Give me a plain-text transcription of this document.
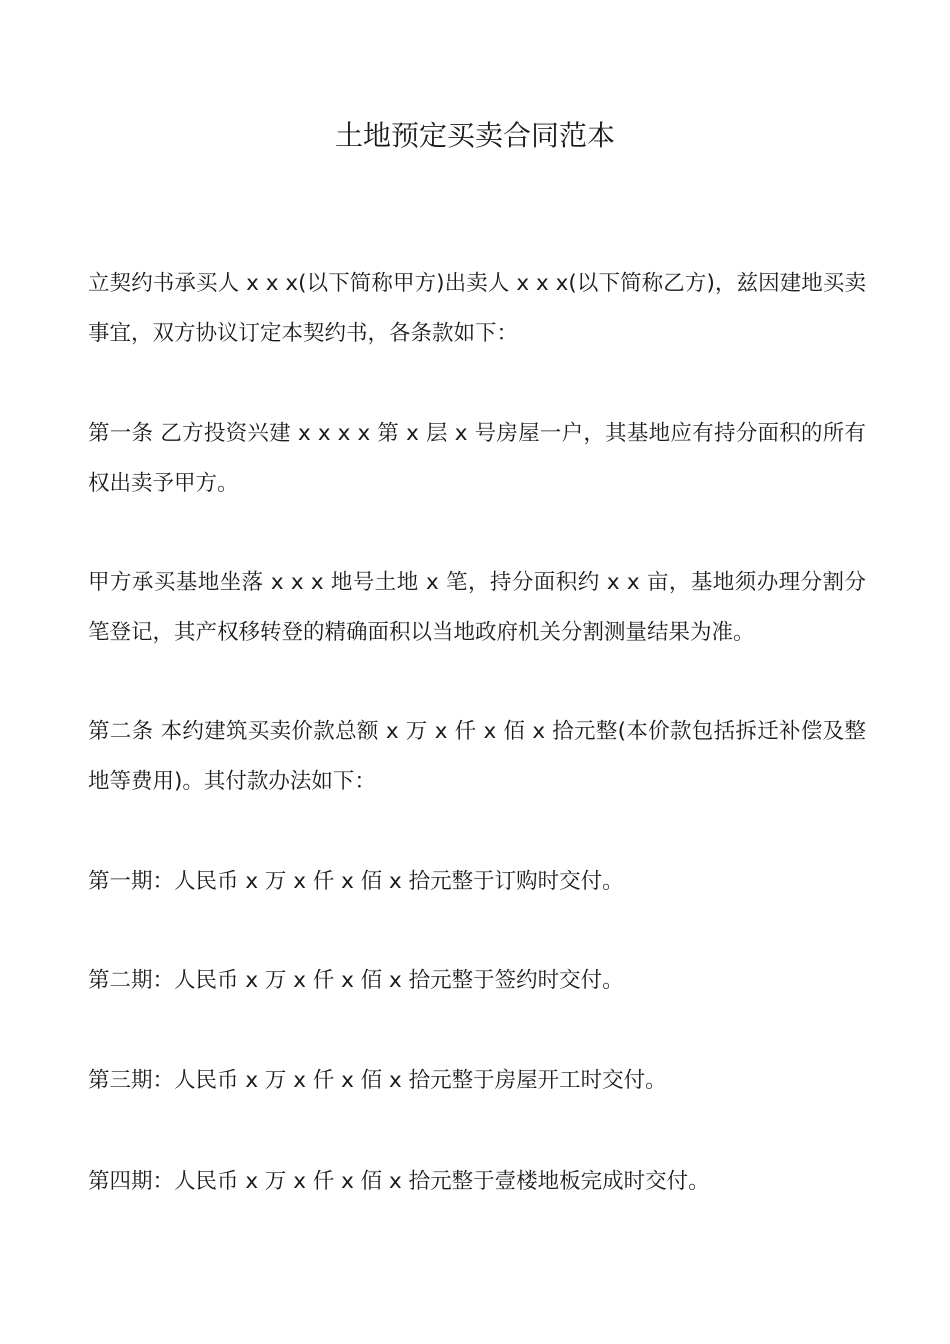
土地预定买卖合同范本

立契约书承买人 x x x(以下简称甲方)出卖人 x x x(以下简称乙方)，兹因建地买卖事宜，双方协议订定本契约书，各条款如下：

第一条 乙方投资兴建 x x x x 第 x 层 x 号房屋一户，其基地应有持分面积的所有权出卖予甲方。

甲方承买基地坐落 x x x 地号土地 x 笔，持分面积约 x x 亩，基地须办理分割分笔登记，其产权移转登的精确面积以当地政府机关分割测量结果为准。

第二条 本约建筑买卖价款总额 x 万 x 仟 x 佰 x 拾元整(本价款包括拆迁补偿及整地等费用)。其付款办法如下：

第一期：人民币 x 万 x 仟 x 佰 x 拾元整于订购时交付。

第二期：人民币 x 万 x 仟 x 佰 x 拾元整于签约时交付。

第三期：人民币 x 万 x 仟 x 佰 x 拾元整于房屋开工时交付。

第四期：人民币 x 万 x 仟 x 佰 x 拾元整于壹楼地板完成时交付。
